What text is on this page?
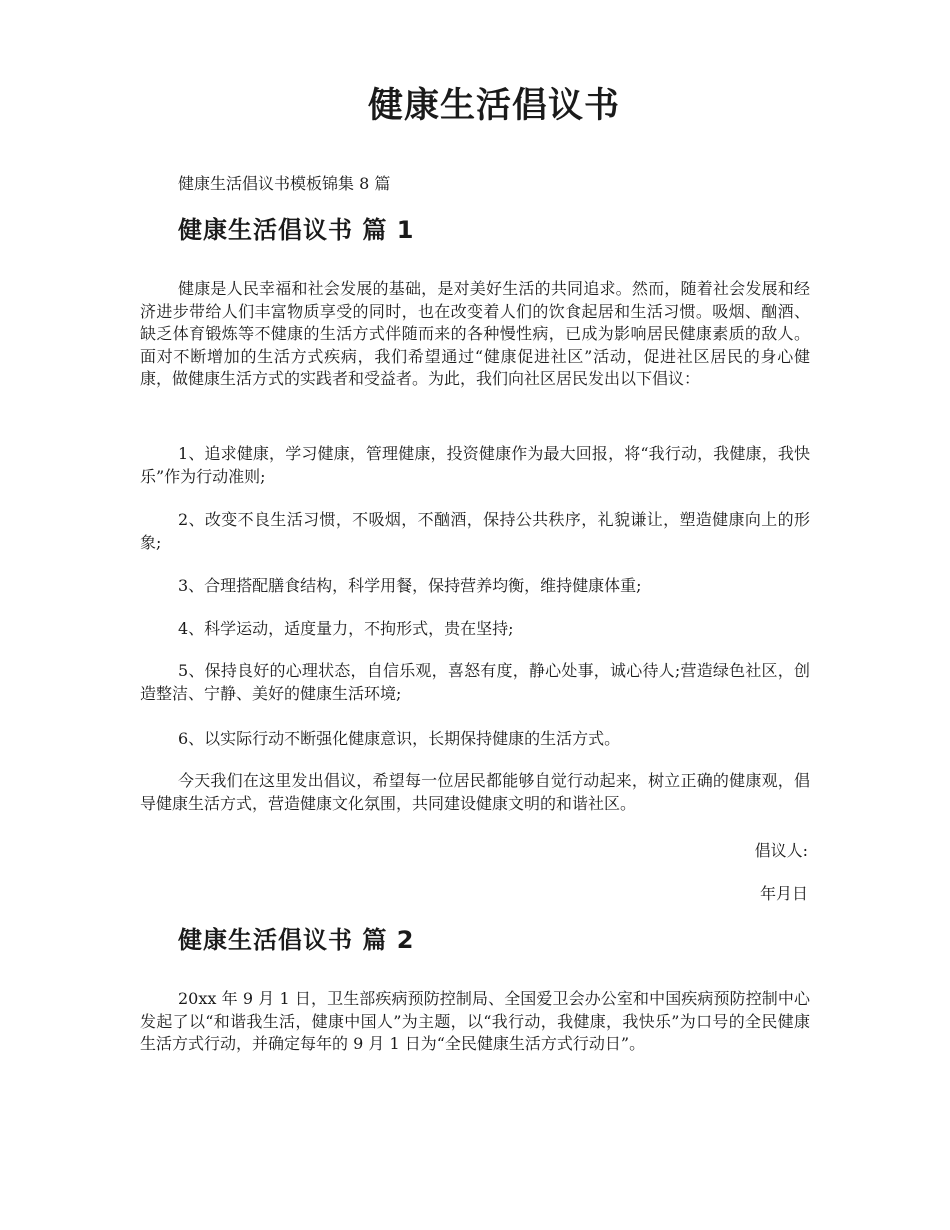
健康生活倡议书

健康生活倡议书模板锦集 8 篇

健康生活倡议书 篇 1

健康是人民幸福和社会发展的基础，是对美好生活的共同追求。然而，随着社会发展和经济进步带给人们丰富物质享受的同时，也在改变着人们的饮食起居和生活习惯。吸烟、酗酒、缺乏体育锻炼等不健康的生活方式伴随而来的各种慢性病，已成为影响居民健康素质的敌人。面对不断增加的生活方式疾病，我们希望通过“健康促进社区”活动，促进社区居民的身心健康，做健康生活方式的实践者和受益者。为此，我们向社区居民发出以下倡议：

1、追求健康，学习健康，管理健康，投资健康作为最大回报，将“我行动，我健康，我快乐”作为行动准则;

2、改变不良生活习惯，不吸烟，不酗酒，保持公共秩序，礼貌谦让，塑造健康向上的形象;

3、合理搭配膳食结构，科学用餐，保持营养均衡，维持健康体重;

4、科学运动，适度量力，不拘形式，贵在坚持;

5、保持良好的心理状态，自信乐观，喜怒有度，静心处事，诚心待人;营造绿色社区，创造整洁、宁静、美好的健康生活环境;

6、以实际行动不断强化健康意识，长期保持健康的生活方式。

今天我们在这里发出倡议，希望每一位居民都能够自觉行动起来，树立正确的健康观，倡导健康生活方式，营造健康文化氛围，共同建设健康文明的和谐社区。

倡议人:

年月日

健康生活倡议书 篇 2

20xx 年 9 月 1 日，卫生部疾病预防控制局、全国爱卫会办公室和中国疾病预防控制中心发起了以“和谐我生活，健康中国人”为主题，以“我行动，我健康，我快乐”为口号的全民健康生活方式行动，并确定每年的 9 月 1 日为“全民健康生活方式行动日”。
